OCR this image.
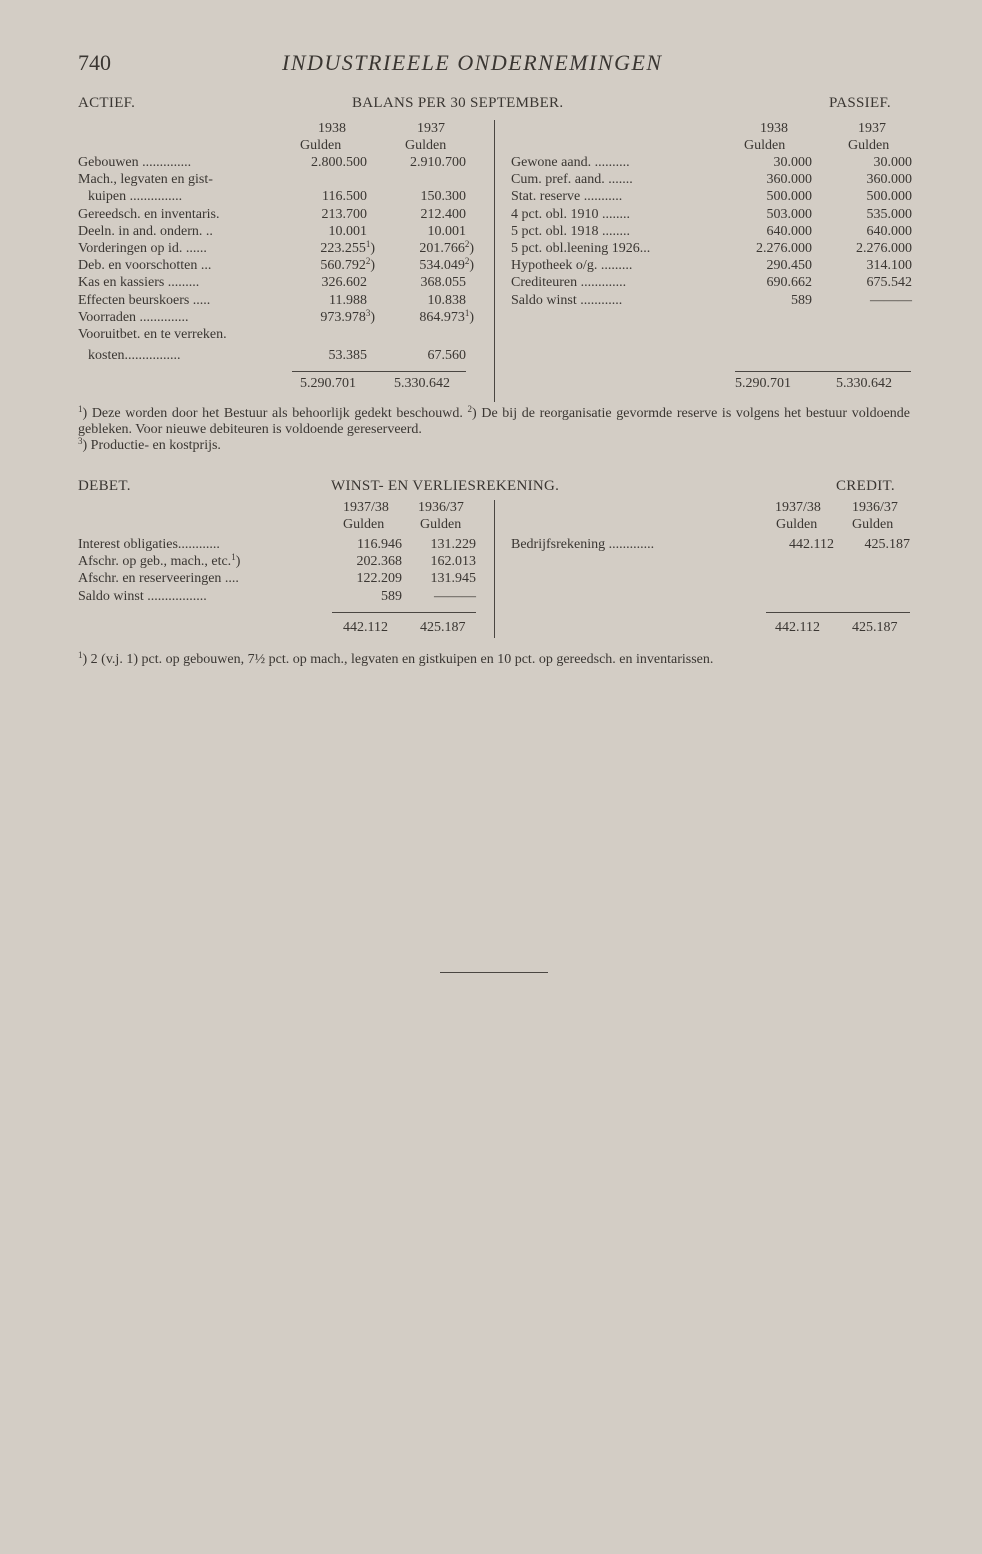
740	INDUSTRIEELE ONDERNEMINGEN
ACTIEF.	BALANS PER 30 SEPTEMBER.	PASSIEF.
1938	1937
Gulden	Gulden
1938	1937
Gulden	Gulden
Gebouwen ..............	2.800.500	2.910.700
Mach., legvaten en gist-
kuipen ...............	116.500	150.300
Gereedsch. en inventaris.	213.700	212.400
Deeln. in and. ondern. ..	10.001	10.001
Vorderingen op id. ......	223.255$^1$)	201.766$^2$)
Deb. en voorschotten ...	560.792$^2$)	534.049$^2$)
Kas en kassiers .........	326.602	368.055
Effecten beurskoers .....	11.988	10.838
Voorraden ..............	973.978$^3$)	864.973$^1$)
Vooruitbet. en te verreken.
kosten................	53.385	67.560
Gewone aand. ..........	30.000	30.000
Cum. pref. aand. .......	360.000	360.000
Stat. reserve ...........	500.000	500.000
4 pct. obl. 1910 ........	503.000	535.000
5 pct. obl. 1918 ........	640.000	640.000
5 pct. obl.leening 1926...	2.276.000	2.276.000
Hypotheek o/g. .........	290.450	314.100
Crediteuren .............	690.662	675.542
Saldo winst ............	589	———
5.290.701	5.330.642	5.290.701	5.330.642
$^1$) Deze worden door het Bestuur als behoorlijk gedekt beschouwd. $^2$) De bij de reorganisatie gevormde reserve is volgens het bestuur voldoende gebleken. Voor nieuwe debiteuren is voldoende gereserveerd.
$^3$) Productie- en kostprijs.
DEBET.	WINST- EN VERLIESREKENING.	CREDIT.
1937/38 1936/37
Gulden	Gulden
1937/38 1936/37
Gulden Gulden
Interest obligaties............	116.946 131.229
Afschr. op geb., mach., etc.$^1$)	202.368 162.013
Afschr. en reserveeringen ....	122.209 131.945
Saldo winst .................	589 ———
Bedrijfsrekening .............	442.112 425.187
442.112 425.187	442.112 425.187
$^1$) 2 (v.j. 1) pct. op gebouwen, 7½ pct. op mach., legvaten en gistkuipen en 10 pct. op gereedsch. en inventarissen.
